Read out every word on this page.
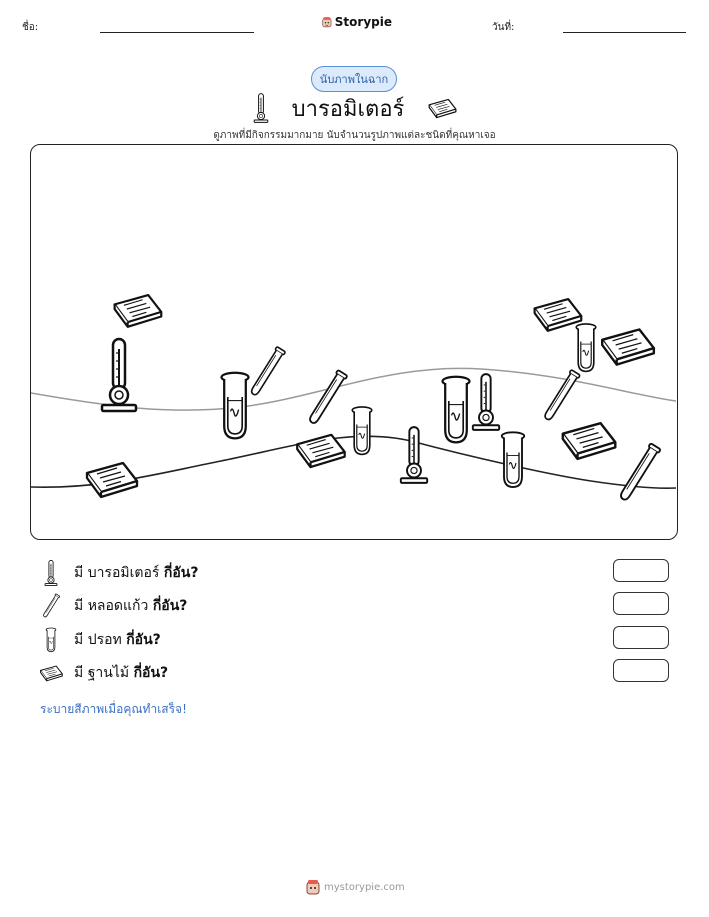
ชื่อ:	Storypie	วันที่:
นับภาพในฉาก
บารอมิเตอร์
ดูภาพที่มีกิจกรรมมากมาย นับจำนวนรูปภาพแต่ละชนิดที่คุณหาเจอ
มี บารอมิเตอร์ กี่อัน?
มี หลอดแก้ว กี่อัน?
มี ปรอท กี่อัน?
มี ฐานไม้ กี่อัน?
ระบายสีภาพเมื่อคุณทำเสร็จ!
mystorypie.com
